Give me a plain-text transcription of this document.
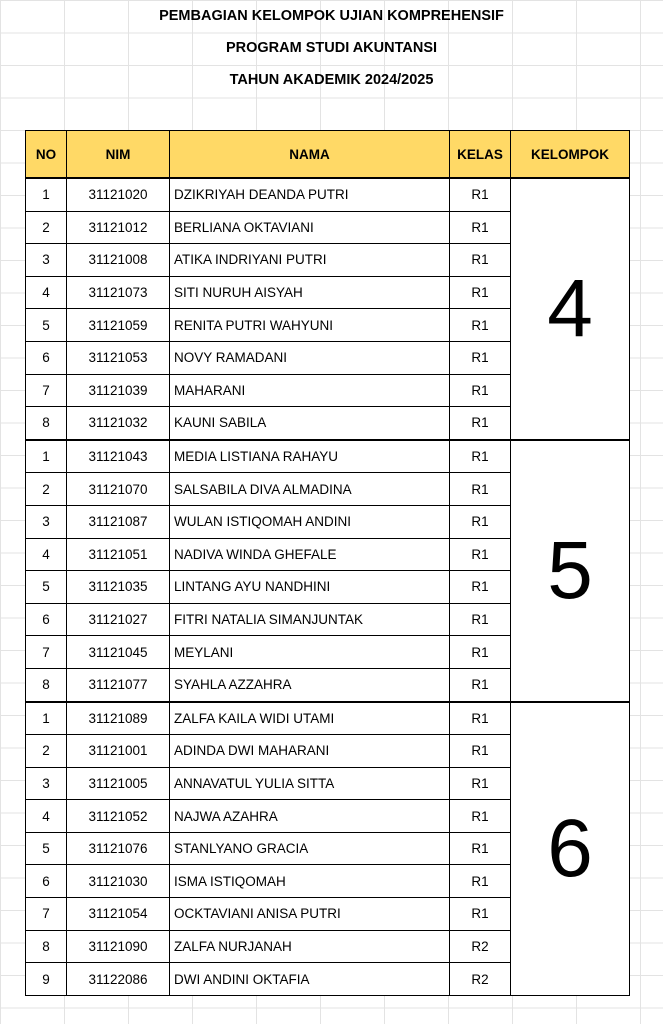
PEMBAGIAN KELOMPOK UJIAN KOMPREHENSIF
PROGRAM STUDI AKUNTANSI
TAHUN AKADEMIK 2024/2025
NO	NIM	NAMA	KELAS	KELOMPOK
1	31121020	DZIKRIYAH DEANDA PUTRI	R1	4
2	31121012	BERLIANA OKTAVIANI	R1	
3	31121008	ATIKA INDRIYANI PUTRI	R1	
4	31121073	SITI NURUH AISYAH	R1	
5	31121059	RENITA PUTRI WAHYUNI	R1	
6	31121053	NOVY RAMADANI	R1	
7	31121039	MAHARANI	R1	
8	31121032	KAUNI SABILA	R1	
1	31121043	MEDIA LISTIANA RAHAYU	R1	5
2	31121070	SALSABILA DIVA ALMADINA	R1	
3	31121087	WULAN ISTIQOMAH ANDINI	R1	
4	31121051	NADIVA WINDA GHEFALE	R1	
5	31121035	LINTANG AYU NANDHINI	R1	
6	31121027	FITRI NATALIA SIMANJUNTAK	R1	
7	31121045	MEYLANI	R1	
8	31121077	SYAHLA AZZAHRA	R1	
1	31121089	ZALFA KAILA WIDI UTAMI	R1	6
2	31121001	ADINDA DWI MAHARANI	R1	
3	31121005	ANNAVATUL YULIA SITTA	R1	
4	31121052	NAJWA AZAHRA	R1	
5	31121076	STANLYANO GRACIA	R1	
6	31121030	ISMA ISTIQOMAH	R1	
7	31121054	OCKTAVIANI ANISA PUTRI	R1	
8	31121090	ZALFA NURJANAH	R2	
9	31122086	DWI ANDINI OKTAFIA	R2	
